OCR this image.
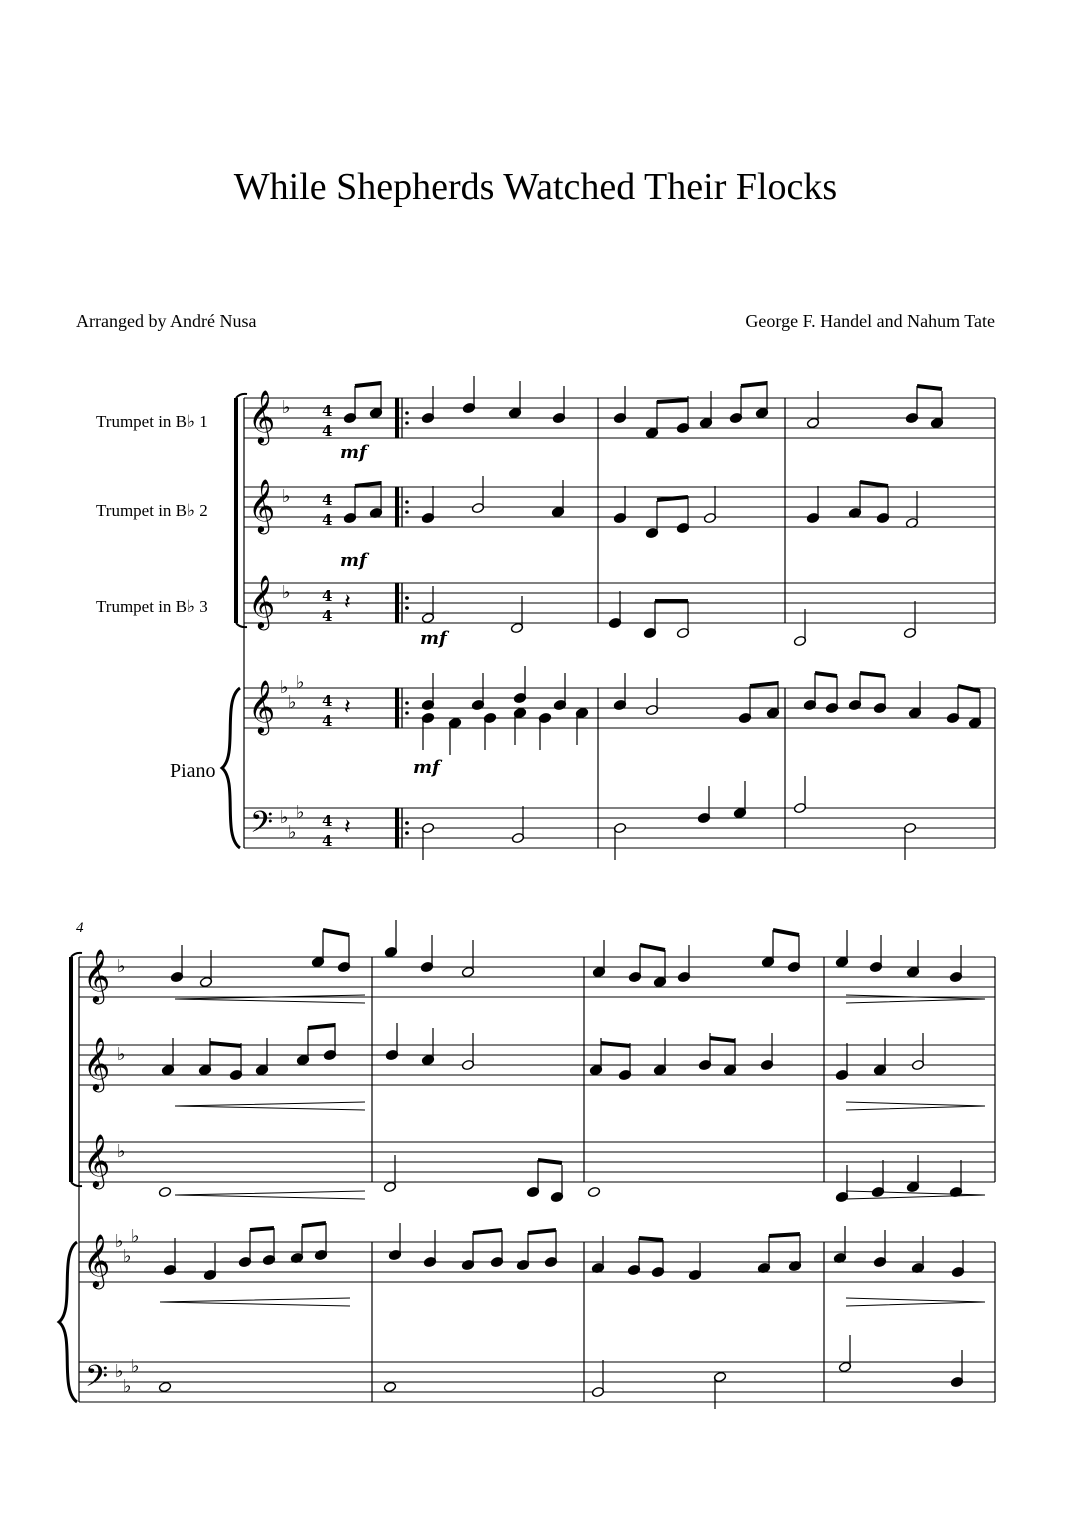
While Shepherds Watched Their Flocks
Arranged by André Nusa	George F. Handel and Nahum Tate
Trumpet in B♭ 1
Trumpet in B♭ 2
Trumpet in B♭ 3
Piano
4
𝄞 ♭ 4
4
𝄞 ♭ 4
4
𝄞 ♭ 4
4
𝄞 ♭
♭
♭
4
4
𝄢 ♭
♭
♭ 4
4
mf
mf
𝄽
𝄽
𝄽
mf
mf
𝄞 ♭
𝄞 ♭
𝄞 ♭
𝄞 ♭
♭
♭
𝄢 ♭
♭
♭
